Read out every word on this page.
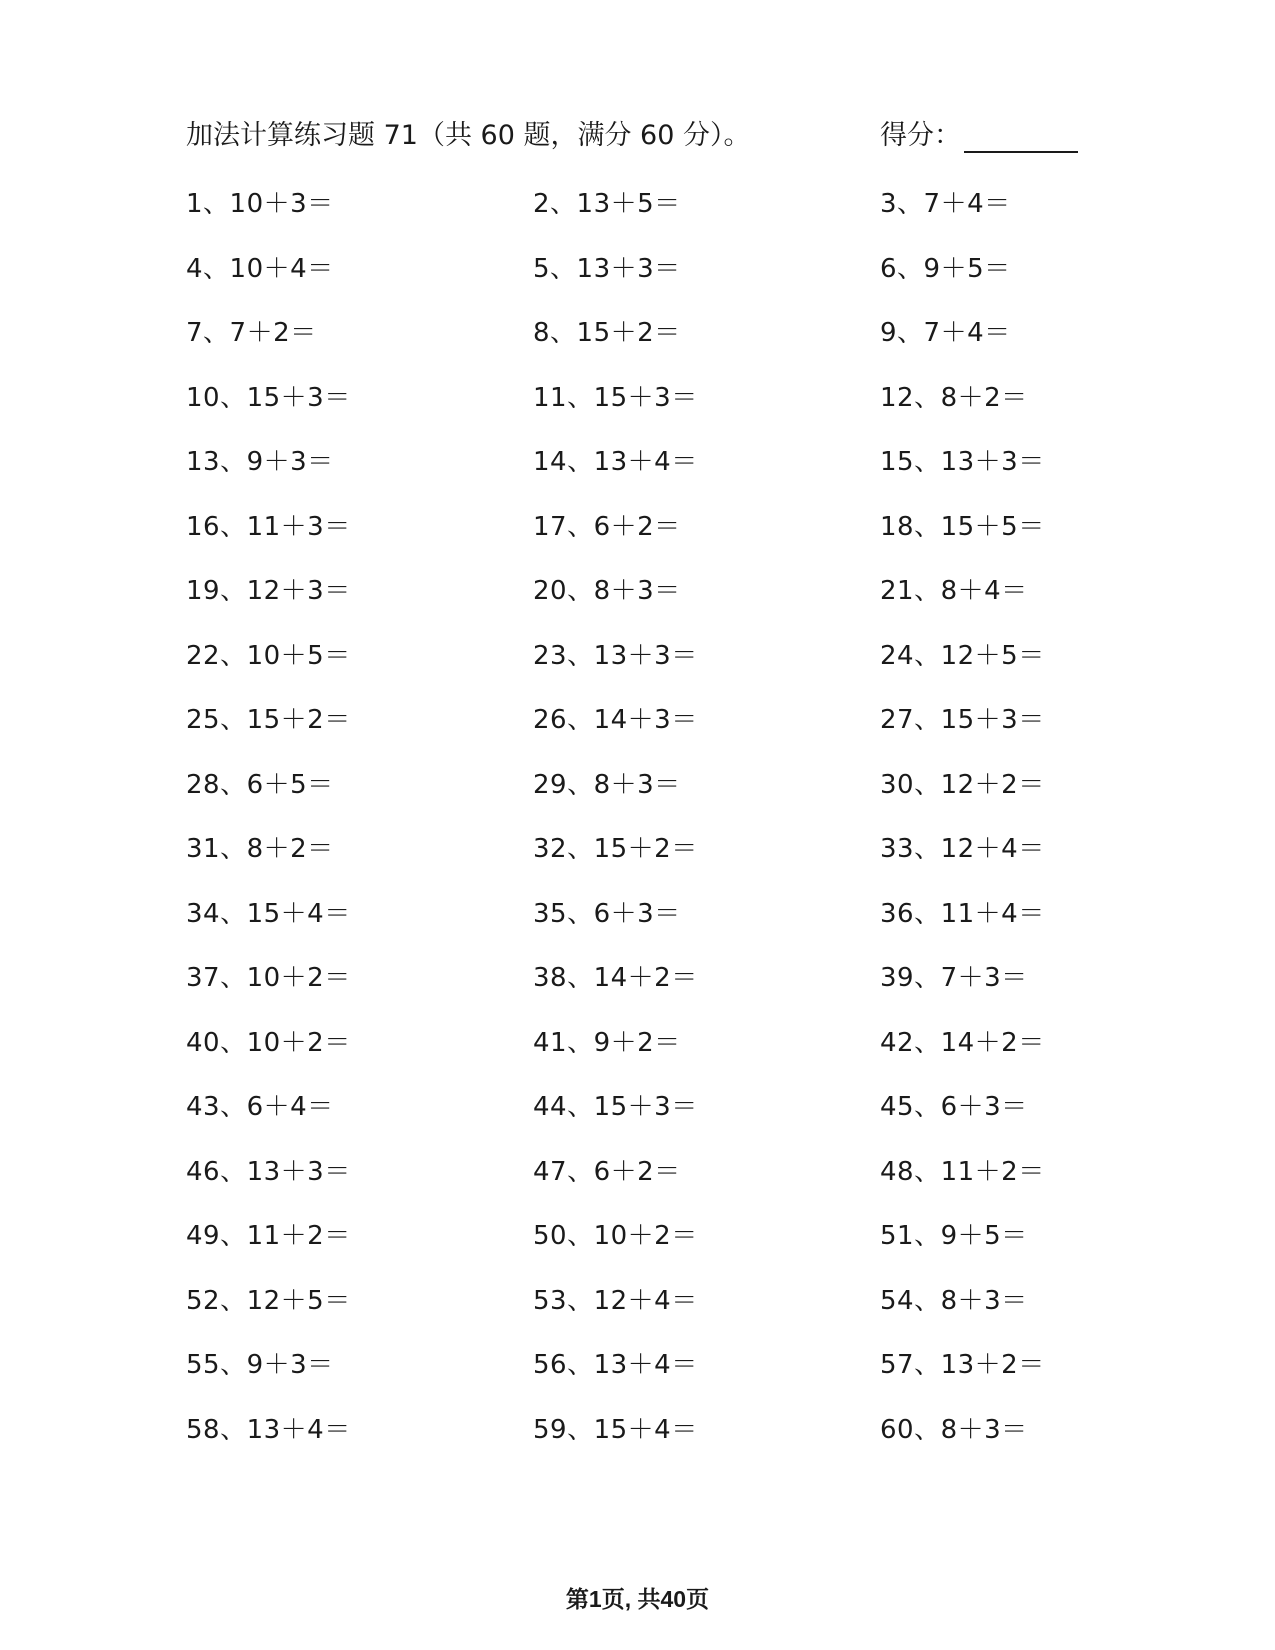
加法计算练习题 71（共 60 题，满分 60 分）。	得分：
1、10＋3＝	2、13＋5＝	3、7＋4＝
4、10＋4＝	5、13＋3＝	6、9＋5＝
7、7＋2＝	8、15＋2＝	9、7＋4＝
10、15＋3＝	11、15＋3＝	12、8＋2＝
13、9＋3＝	14、13＋4＝	15、13＋3＝
16、11＋3＝	17、6＋2＝	18、15＋5＝
19、12＋3＝	20、8＋3＝	21、8＋4＝
22、10＋5＝	23、13＋3＝	24、12＋5＝
25、15＋2＝	26、14＋3＝	27、15＋3＝
28、6＋5＝	29、8＋3＝	30、12＋2＝
31、8＋2＝	32、15＋2＝	33、12＋4＝
34、15＋4＝	35、6＋3＝	36、11＋4＝
37、10＋2＝	38、14＋2＝	39、7＋3＝
40、10＋2＝	41、9＋2＝	42、14＋2＝
43、6＋4＝	44、15＋3＝	45、6＋3＝
46、13＋3＝	47、6＋2＝	48、11＋2＝
49、11＋2＝	50、10＋2＝	51、9＋5＝
52、12＋5＝	53、12＋4＝	54、8＋3＝
55、9＋3＝	56、13＋4＝	57、13＋2＝
58、13＋4＝	59、15＋4＝	60、8＋3＝
第1页, 共40页
